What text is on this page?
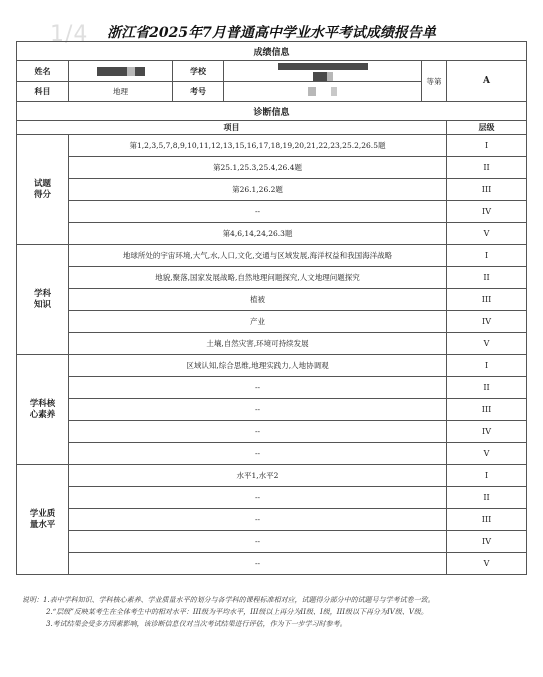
1/4	浙江省2025年7月普通高中学业水平考试成绩报告单
成绩信息					
姓名		学校		等第	A
科目	地理	考号			
诊断信息					
项目					层级
试题
得分	第1,2,3,5,7,8,9,10,11,12,13,15,16,17,18,19,20,21,22,23,25.2,26.5题				I
	第25.1,25.3,25.4,26.4题				II
	第26.1,26.2题				III
	--				IV
	第4,6,14,24,26.3题				V
学科
知识	地球所处的宇宙环境,大气,水,人口,文化,交通与区域发展,海洋权益和我国海洋战略				I
	地貌,聚落,国家发展战略,自然地理问题探究,人文地理问题探究				II
	植被				III
	产业				IV
	土壤,自然灾害,环境可持续发展				V
学科核
心素养	区域认知,综合思维,地理实践力,人地协调观				I
	--				II
	--				III
	--				IV
	--				V
学业质
量水平	水平1,水平2				I
	--				II
	--				III
	--				IV
	--				V
说明：1.表中学科知识、学科核心素养、学业质量水平的划分与各学科的课程标准相对应，试题得分部分中的试题号与学考试卷一致。
2.“层级”反映某考生在全体考生中的相对水平：III级为平均水平，III级以上再分为II级、I级，III级以下再分为IV级、V级。
3.考试结果会受多方因素影响，该诊断信息仅对当次考试结果进行评估，作为下一步学习时参考。
